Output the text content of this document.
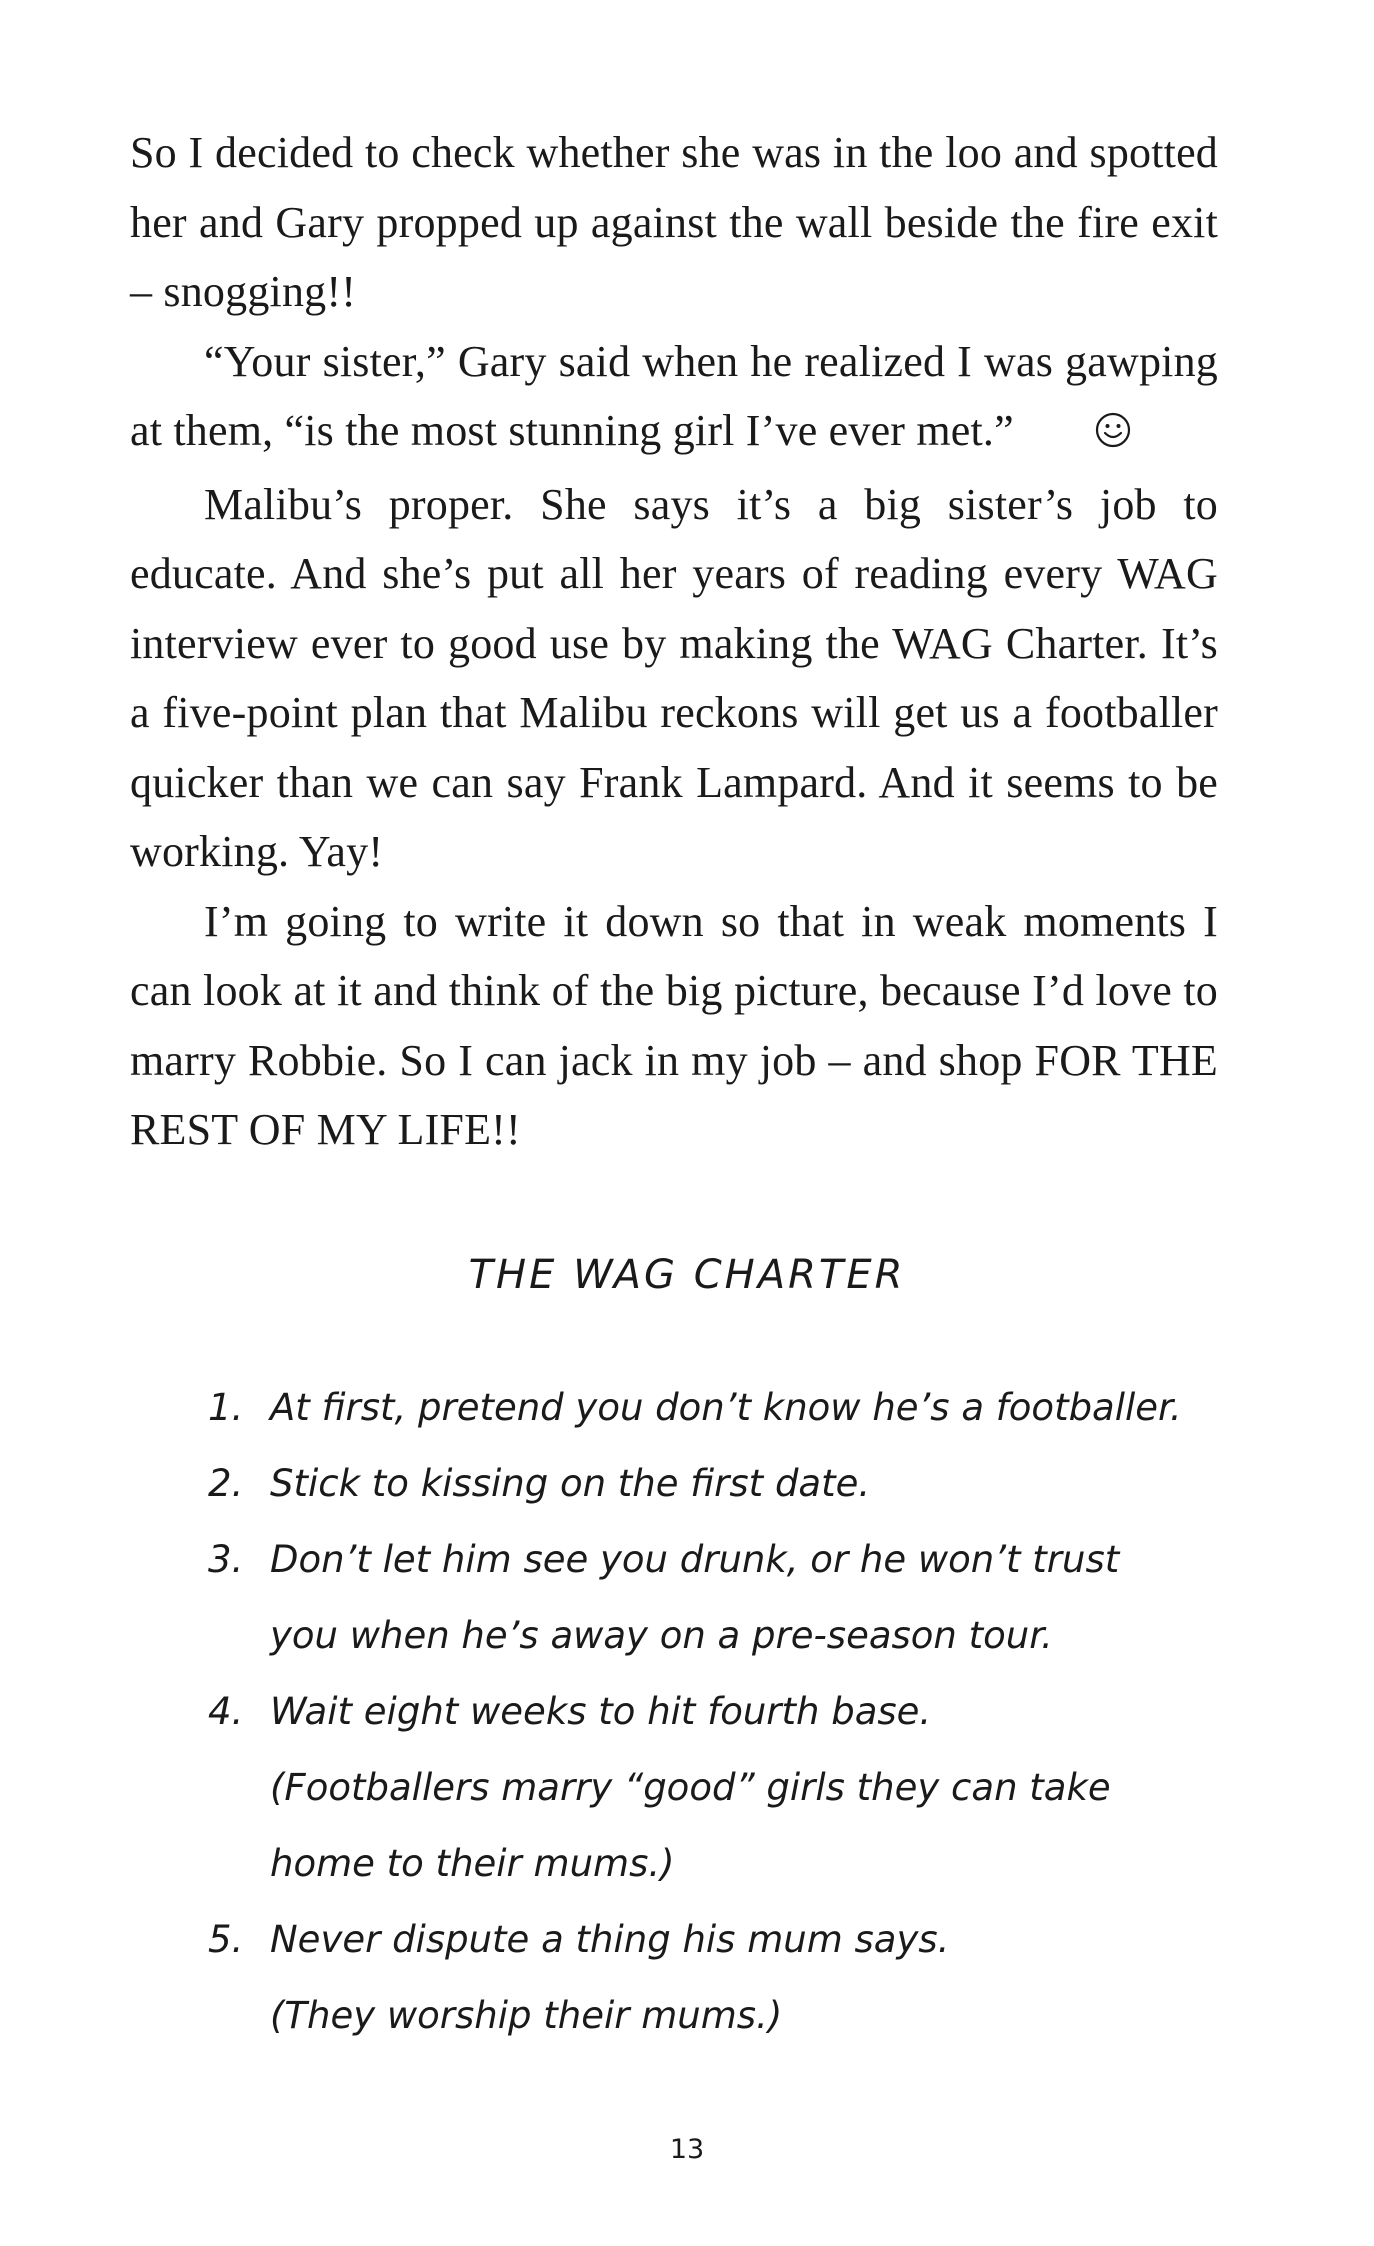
So I decided to check whether she was in the loo and spotted her and Gary propped up against the wall beside the fire exit – snogging!!

“Your sister,” Gary said when he realized I was gawping at them, “is the most stunning girl I’ve ever met.”

Malibu’s proper. She says it’s a big sister’s job to educate. And she’s put all her years of reading every WAG interview ever to good use by making the WAG Charter. It’s a five-point plan that Malibu reckons will get us a footballer quicker than we can say Frank Lampard. And it seems to be working. Yay!

I’m going to write it down so that in weak moments I can look at it and think of the big picture, because I’d love to marry Robbie. So I can jack in my job – and shop FOR THE REST OF MY LIFE!!

THE WAG CHARTER
1. At first, pretend you don’t know he’s a footballer.
2. Stick to kissing on the first date.
3. Don’t let him see you drunk, or he won’t trust
you when he’s away on a pre-season tour.
4. Wait eight weeks to hit fourth base.
(Footballers marry “good” girls they can take
home to their mums.)
5. Never dispute a thing his mum says.
(They worship their mums.)
13
